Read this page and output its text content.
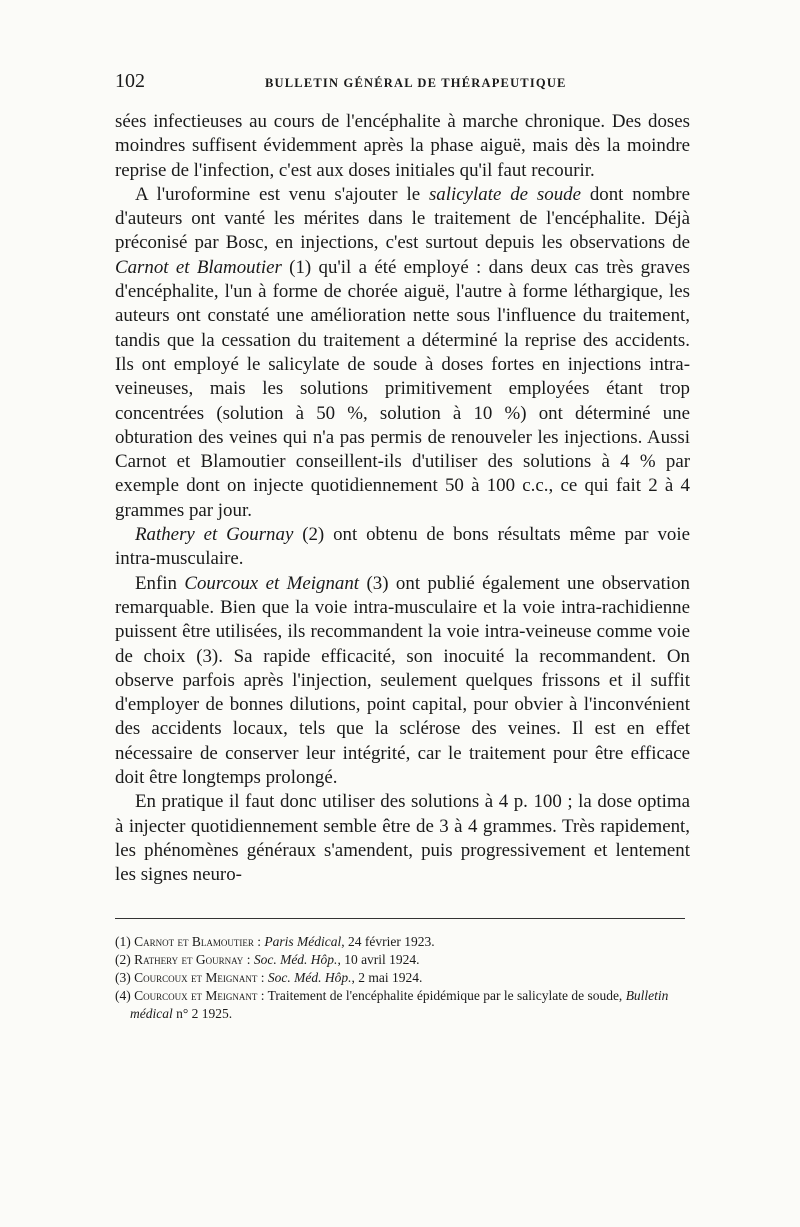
102	BULLETIN GÉNÉRAL DE THÉRAPEUTIQUE

sées infectieuses au cours de l'encéphalite à marche chronique. Des doses moindres suffisent évidemment après la phase aiguë, mais dès la moindre reprise de l'infection, c'est aux doses initiales qu'il faut recourir.

A l'uroformine est venu s'ajouter le salicylate de soude dont nombre d'auteurs ont vanté les mérites dans le traitement de l'encéphalite. Déjà préconisé par Bosc, en injections, c'est surtout depuis les observations de Carnot et Blamoutier (1) qu'il a été employé : dans deux cas très graves d'encéphalite, l'un à forme de chorée aiguë, l'autre à forme léthargique, les auteurs ont constaté une amélioration nette sous l'influence du traitement, tandis que la cessation du traitement a déterminé la reprise des accidents. Ils ont employé le salicylate de soude à doses fortes en injections intra-veineuses, mais les solutions primitivement employées étant trop concentrées (solution à 50 %, solution à 10 %) ont déterminé une obturation des veines qui n'a pas permis de renouveler les injections. Aussi Carnot et Blamoutier conseillent-ils d'utiliser des solutions à 4 % par exemple dont on injecte quotidiennement 50 à 100 c.c., ce qui fait 2 à 4 grammes par jour.

Rathery et Gournay (2) ont obtenu de bons résultats même par voie intra-musculaire.

Enfin Courcoux et Meignant (3) ont publié également une observation remarquable. Bien que la voie intra-musculaire et la voie intra-rachidienne puissent être utilisées, ils recommandent la voie intra-veineuse comme voie de choix (3). Sa rapide efficacité, son inocuité la recommandent. On observe parfois après l'injection, seulement quelques frissons et il suffit d'employer de bonnes dilutions, point capital, pour obvier à l'inconvénient des accidents locaux, tels que la sclérose des veines. Il est en effet nécessaire de conserver leur intégrité, car le traitement pour être efficace doit être longtemps prolongé.

En pratique il faut donc utiliser des solutions à 4 p. 100 ; la dose optima à injecter quotidiennement semble être de 3 à 4 grammes. Très rapidement, les phénomènes généraux s'amendent, puis progressivement et lentement les signes neuro-

(1) Carnot et Blamoutier : Paris Médical, 24 février 1923.

(2) Rathery et Gournay : Soc. Méd. Hôp., 10 avril 1924.

(3) Courcoux et Meignant : Soc. Méd. Hôp., 2 mai 1924.

(4) Courcoux et Meignant : Traitement de l'encéphalite épidémique par le salicylate de soude, Bulletin médical n° 2 1925.
